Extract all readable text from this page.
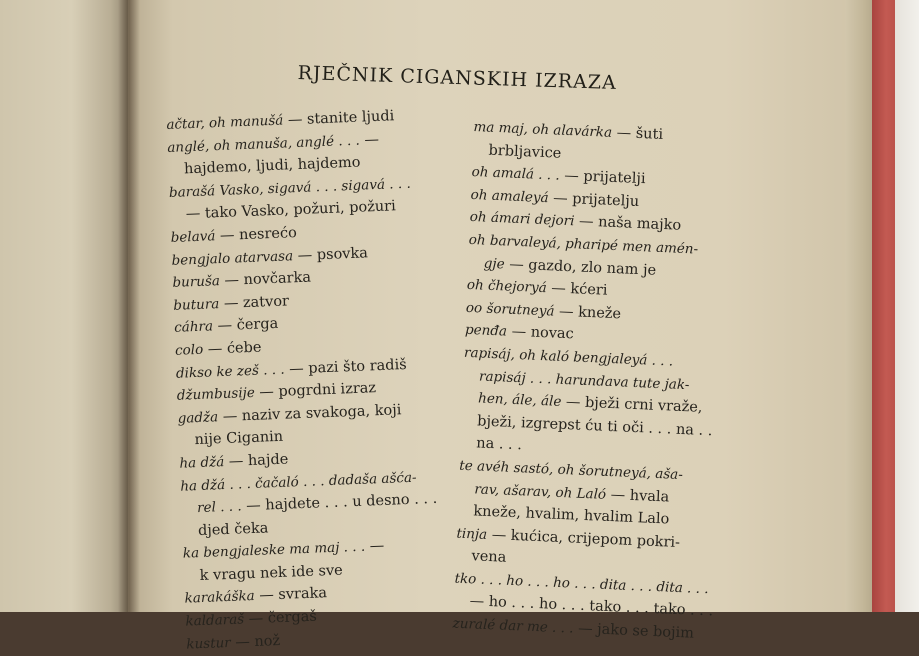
RJEČNIK CIGANSKIH IZRAZA
ačtar, oh manušá — stanite ljudi
anglé, oh manuša, anglé . . . —
hajdemo, ljudi, hajdemo
barašá Vasko, sigavá . . . sigavá . . .
— tako Vasko, požuri, požuri
belavá — nesrećo
bengjalo atarvasa — psovka
buruša — novčarka
butura — zatvor
cáhra — čerga
colo — ćebe
dikso ke zeš . . . — pazi što radiš
džumbusije — pogrdni izraz
gadža — naziv za svakoga, koji
nije Ciganin
ha džá — hajde
ha džá . . . čačaló . . . dadaša ašća-
rel . . . — hajdete . . . u desno . . .
djed čeka
ka bengjaleske ma maj . . . —
k vragu nek ide sve
karakáška — svraka
kaldaraš — čergaš
kustur — nož
ma maj, oh alavárka — šuti
brbljavice
oh amalá . . . — prijatelji
oh amaleyá — prijatelju
oh ámari dejori — naša majko
oh barvaleyá, pharipé men amén-
gje — gazdo, zlo nam je
oh čhejoryá — kćeri
oo šorutneyá — kneže
penđa — novac
rapisáj, oh kaló bengjaleyá . . .
rapisáj . . . harundava tute jak-
hen, ále, ále — bježi crni vraže,
bježi, izgrepst ću ti oči . . . na . .
na . . .
te avéh sastó, oh šorutneyá, aša-
rav, ašarav, oh Laló — hvala
kneže, hvalim, hvalim Lalo
tinja — kućica, crijepom pokri-
vena
tko . . . ho . . . ho . . . dita . . . dita . . .
— ho . . . ho . . . tako . . . tako . . .
zuralé dar me . . . — jako se bojim
